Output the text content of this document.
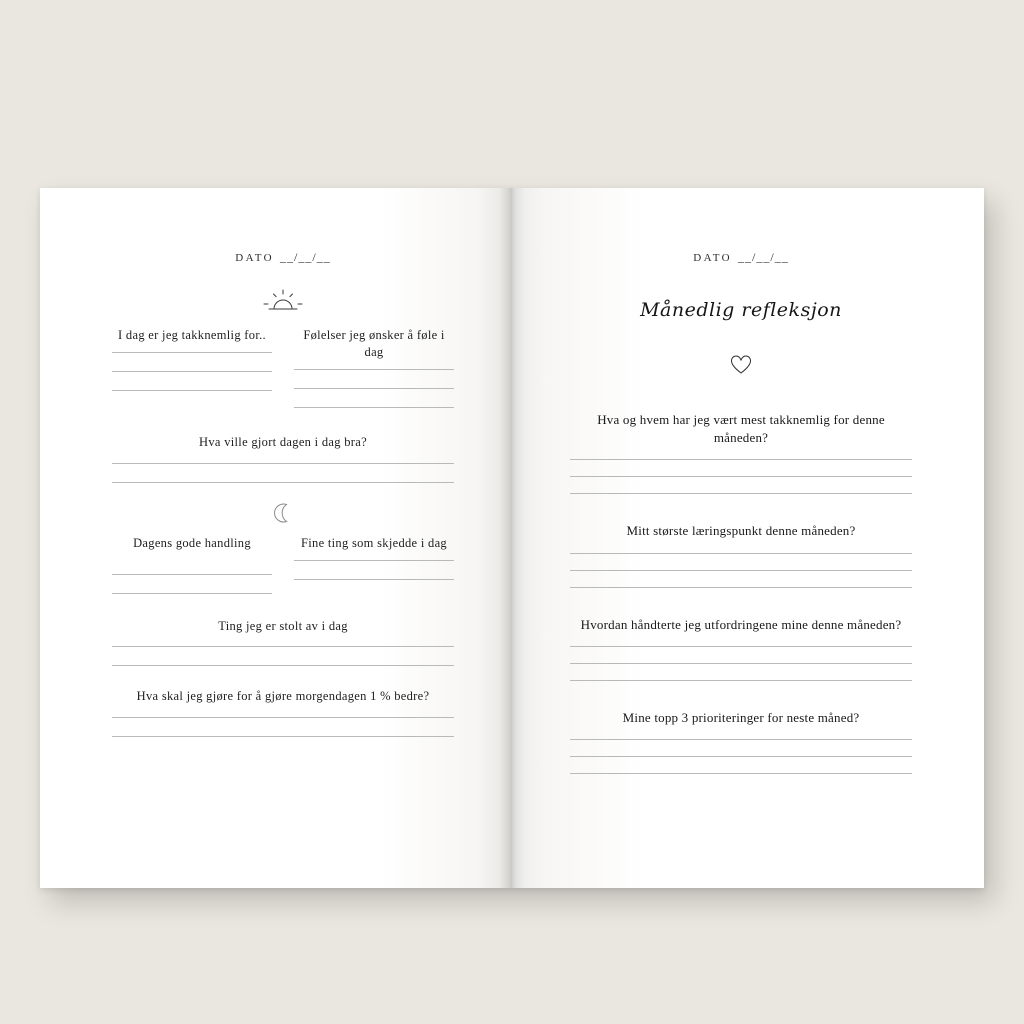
DATO __/__/__
I dag er jeg takknemlig for..	Følelser jeg ønsker å føle i dag
Hva ville gjort dagen i dag bra?
Dagens gode handling	Fine ting som skjedde i dag
Ting jeg er stolt av i dag
Hva skal jeg gjøre for å gjøre morgendagen 1 % bedre?
DATO __/__/__
Månedlig refleksjon
Hva og hvem har jeg vært mest takknemlig for denne måneden?
Mitt største læringspunkt denne måneden?
Hvordan håndterte jeg utfordringene mine denne måneden?
Mine topp 3 prioriteringer for neste måned?
